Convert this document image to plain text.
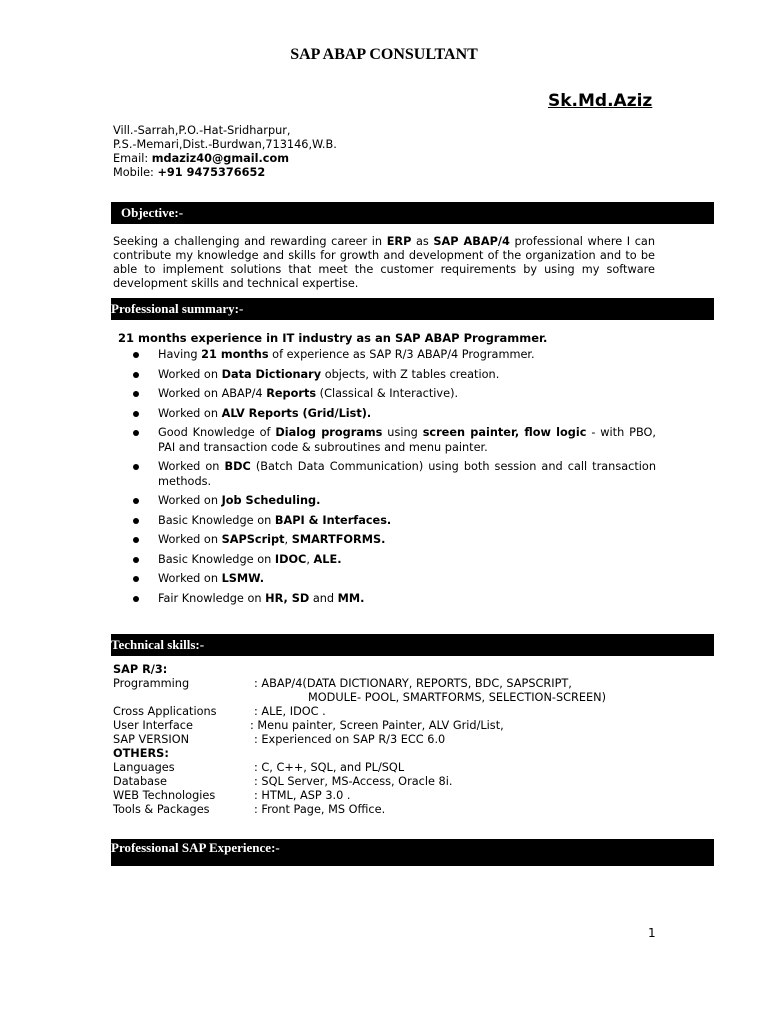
SAP ABAP CONSULTANT
Sk.Md.Aziz
Vill.-Sarrah,P.O.-Hat-Sridharpur,
P.S.-Memari,Dist.-Burdwan,713146,W.B.
Email: mdaziz40@gmail.com
Mobile: +91 9475376652
Objective:-
Seeking a challenging and rewarding career in ERP as SAP ABAP/4 professional where I can contribute my knowledge and skills for growth and development of the organization and to be able to implement solutions that meet the customer requirements by using my software development skills and technical expertise.
Professional summary:-
21 months experience in IT industry as an SAP ABAP Programmer.
Having 21 months of experience as SAP R/3 ABAP/4 Programmer.
Worked on Data Dictionary objects, with Z tables creation.
Worked on ABAP/4 Reports (Classical & Interactive).
Worked on ALV Reports (Grid/List).
Good Knowledge of Dialog programs using screen painter, flow logic - with PBO, PAI and transaction code & subroutines and menu painter.
Worked on BDC (Batch Data Communication) using both session and call transaction methods.
Worked on Job Scheduling.
Basic Knowledge on BAPI & Interfaces.
Worked on SAPScript, SMARTFORMS.
Basic Knowledge on IDOC, ALE.
Worked on LSMW.
Fair Knowledge on HR, SD and MM.
Technical skills:-
SAP R/3:
Programming	: ABAP/4(DATA DICTIONARY, REPORTS, BDC, SAPSCRIPT,
MODULE- POOL, SMARTFORMS, SELECTION-SCREEN)
Cross Applications	: ALE, IDOC .
User Interface	: Menu painter, Screen Painter, ALV Grid/List,
SAP VERSION	: Experienced on SAP R/3 ECC 6.0
OTHERS:
Languages	: C, C++, SQL, and PL/SQL
Database	: SQL Server, MS-Access, Oracle 8i.
WEB Technologies	: HTML, ASP 3.0 .
Tools & Packages	: Front Page, MS Office.
Professional SAP Experience:-
1
